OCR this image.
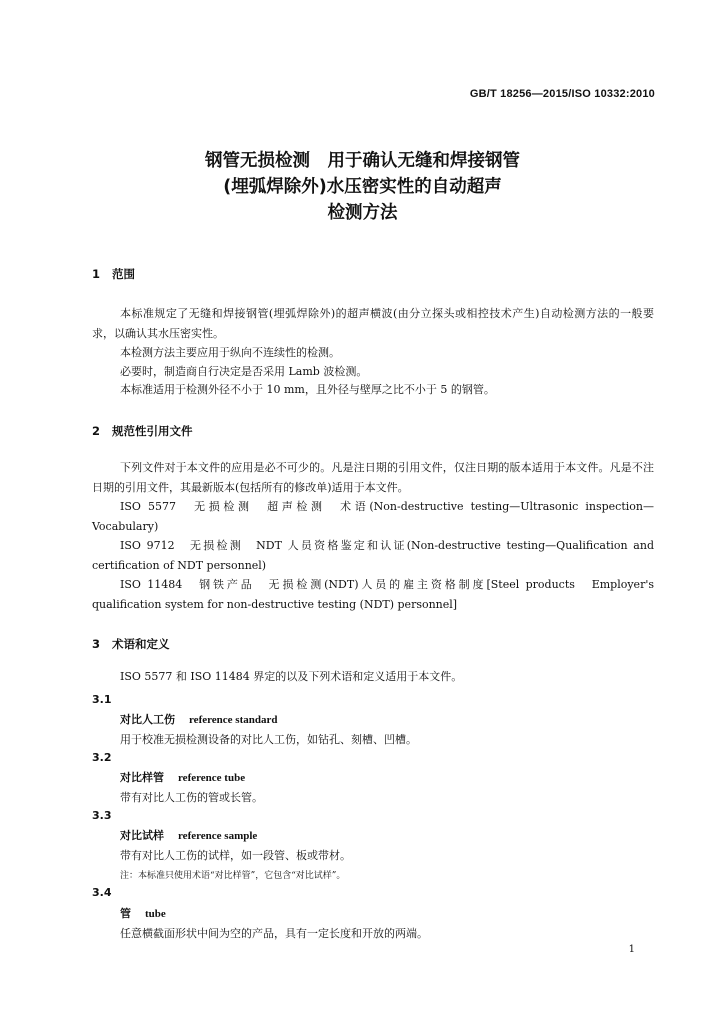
GB/T 18256—2015/ISO 10332:2010
钢管无损检测　用于确认无缝和焊接钢管
(埋弧焊除外)水压密实性的自动超声
检测方法
1 范围
本标准规定了无缝和焊接钢管(埋弧焊除外)的超声横波(由分立探头或相控技术产生)自动检测方法的一般要求，以确认其水压密实性。
本检测方法主要应用于纵向不连续性的检测。
必要时，制造商自行决定是否采用 Lamb 波检测。
本标准适用于检测外径不小于 10 mm，且外径与壁厚之比不小于 5 的钢管。
2 规范性引用文件
下列文件对于本文件的应用是必不可少的。凡是注日期的引用文件，仅注日期的版本适用于本文件。凡是不注日期的引用文件，其最新版本(包括所有的修改单)适用于本文件。
ISO 5577　无损检测　超声检测　术语(Non-destructive testing—Ultrasonic inspection—Vocabulary)
ISO 9712　无损检测　NDT 人员资格鉴定和认证(Non-destructive testing—Qualification and certification of NDT personnel)
ISO 11484　钢铁产品　无损检测(NDT)人员的雇主资格制度[Steel products　Employer's qualification system for non-destructive testing (NDT) personnel]
3 术语和定义
ISO 5577 和 ISO 11484 界定的以及下列术语和定义适用于本文件。
3.1
对比人工伤 reference standard
用于校准无损检测设备的对比人工伤，如钻孔、刻槽、凹槽。
3.2
对比样管 reference tube
带有对比人工伤的管或长管。
3.3
对比试样 reference sample
带有对比人工伤的试样，如一段管、板或带材。
注：本标准只使用术语“对比样管”，它包含“对比试样”。
3.4
管 tube
任意横截面形状中间为空的产品，具有一定长度和开放的两端。
1
